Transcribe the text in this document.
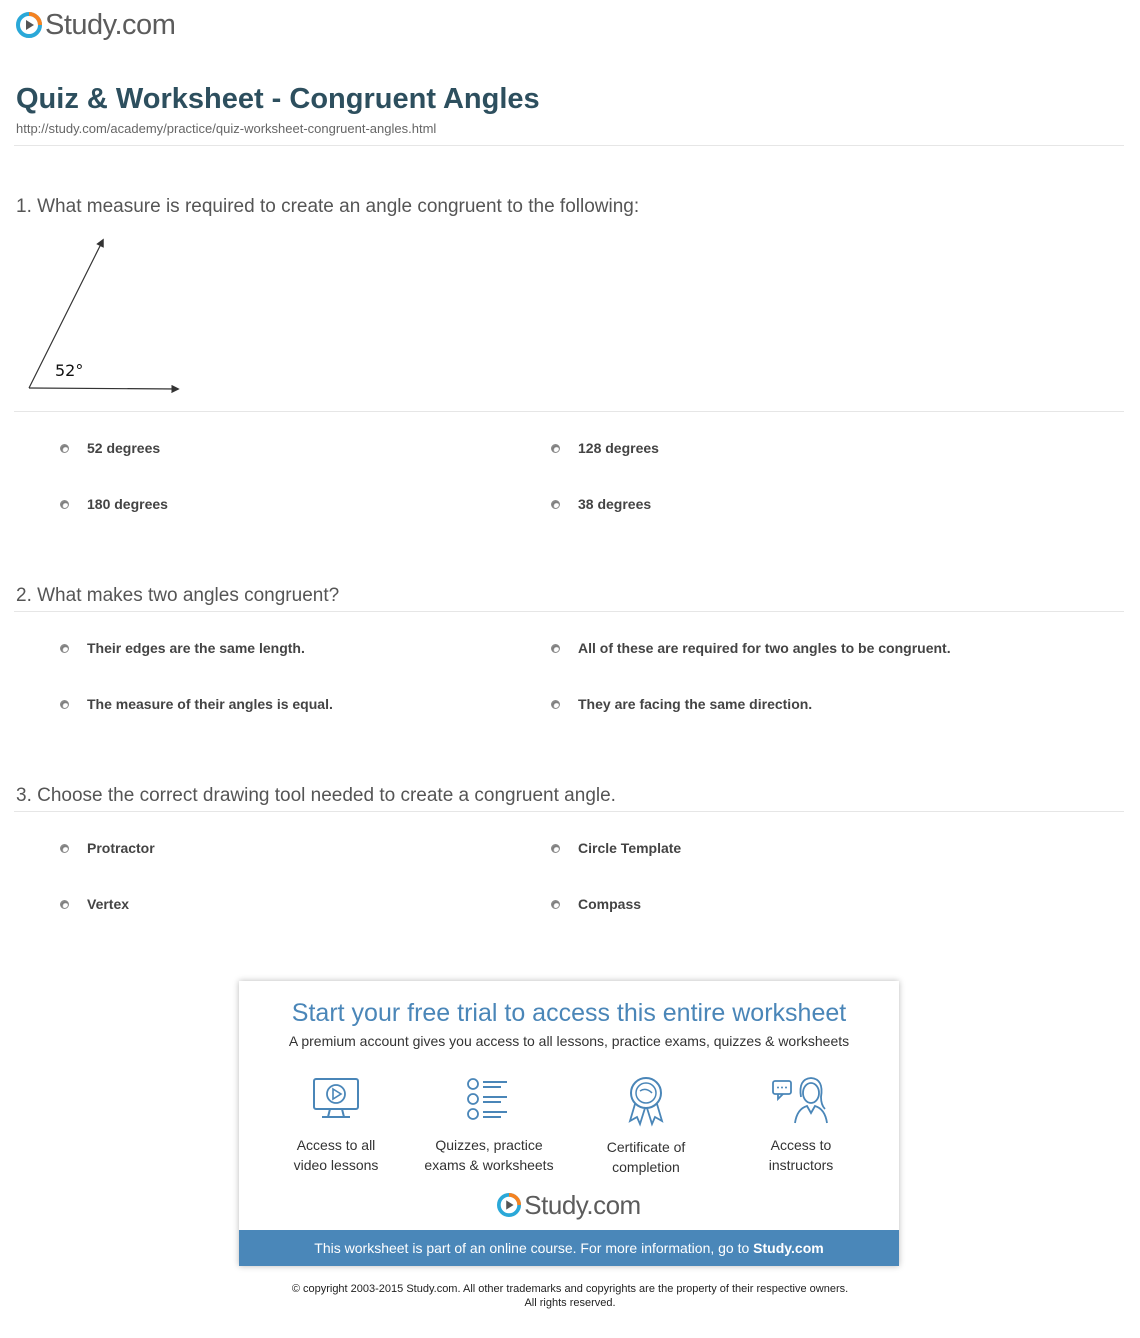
Study.com
Quiz & Worksheet - Congruent Angles
http://study.com/academy/practice/quiz-worksheet-congruent-angles.html
1. What measure is required to create an angle congruent to the following:
52°
52 degrees	128 degrees
180 degrees	38 degrees
2. What makes two angles congruent?
Their edges are the same length.	All of these are required for two angles to be congruent.
The measure of their angles is equal.	They are facing the same direction.
3. Choose the correct drawing tool needed to create a congruent angle.
Protractor	Circle Template
Vertex	Compass
Start your free trial to access this entire worksheet
A premium account gives you access to all lessons, practice exams, quizzes & worksheets
Access to all
video lessons
Quizzes, practice
exams & worksheets
Certificate of
completion
Access to
instructors
Study.com
This worksheet is part of an online course. For more information, go to Study.com
© copyright 2003-2015 Study.com. All other trademarks and copyrights are the property of their respective owners.
All rights reserved.
